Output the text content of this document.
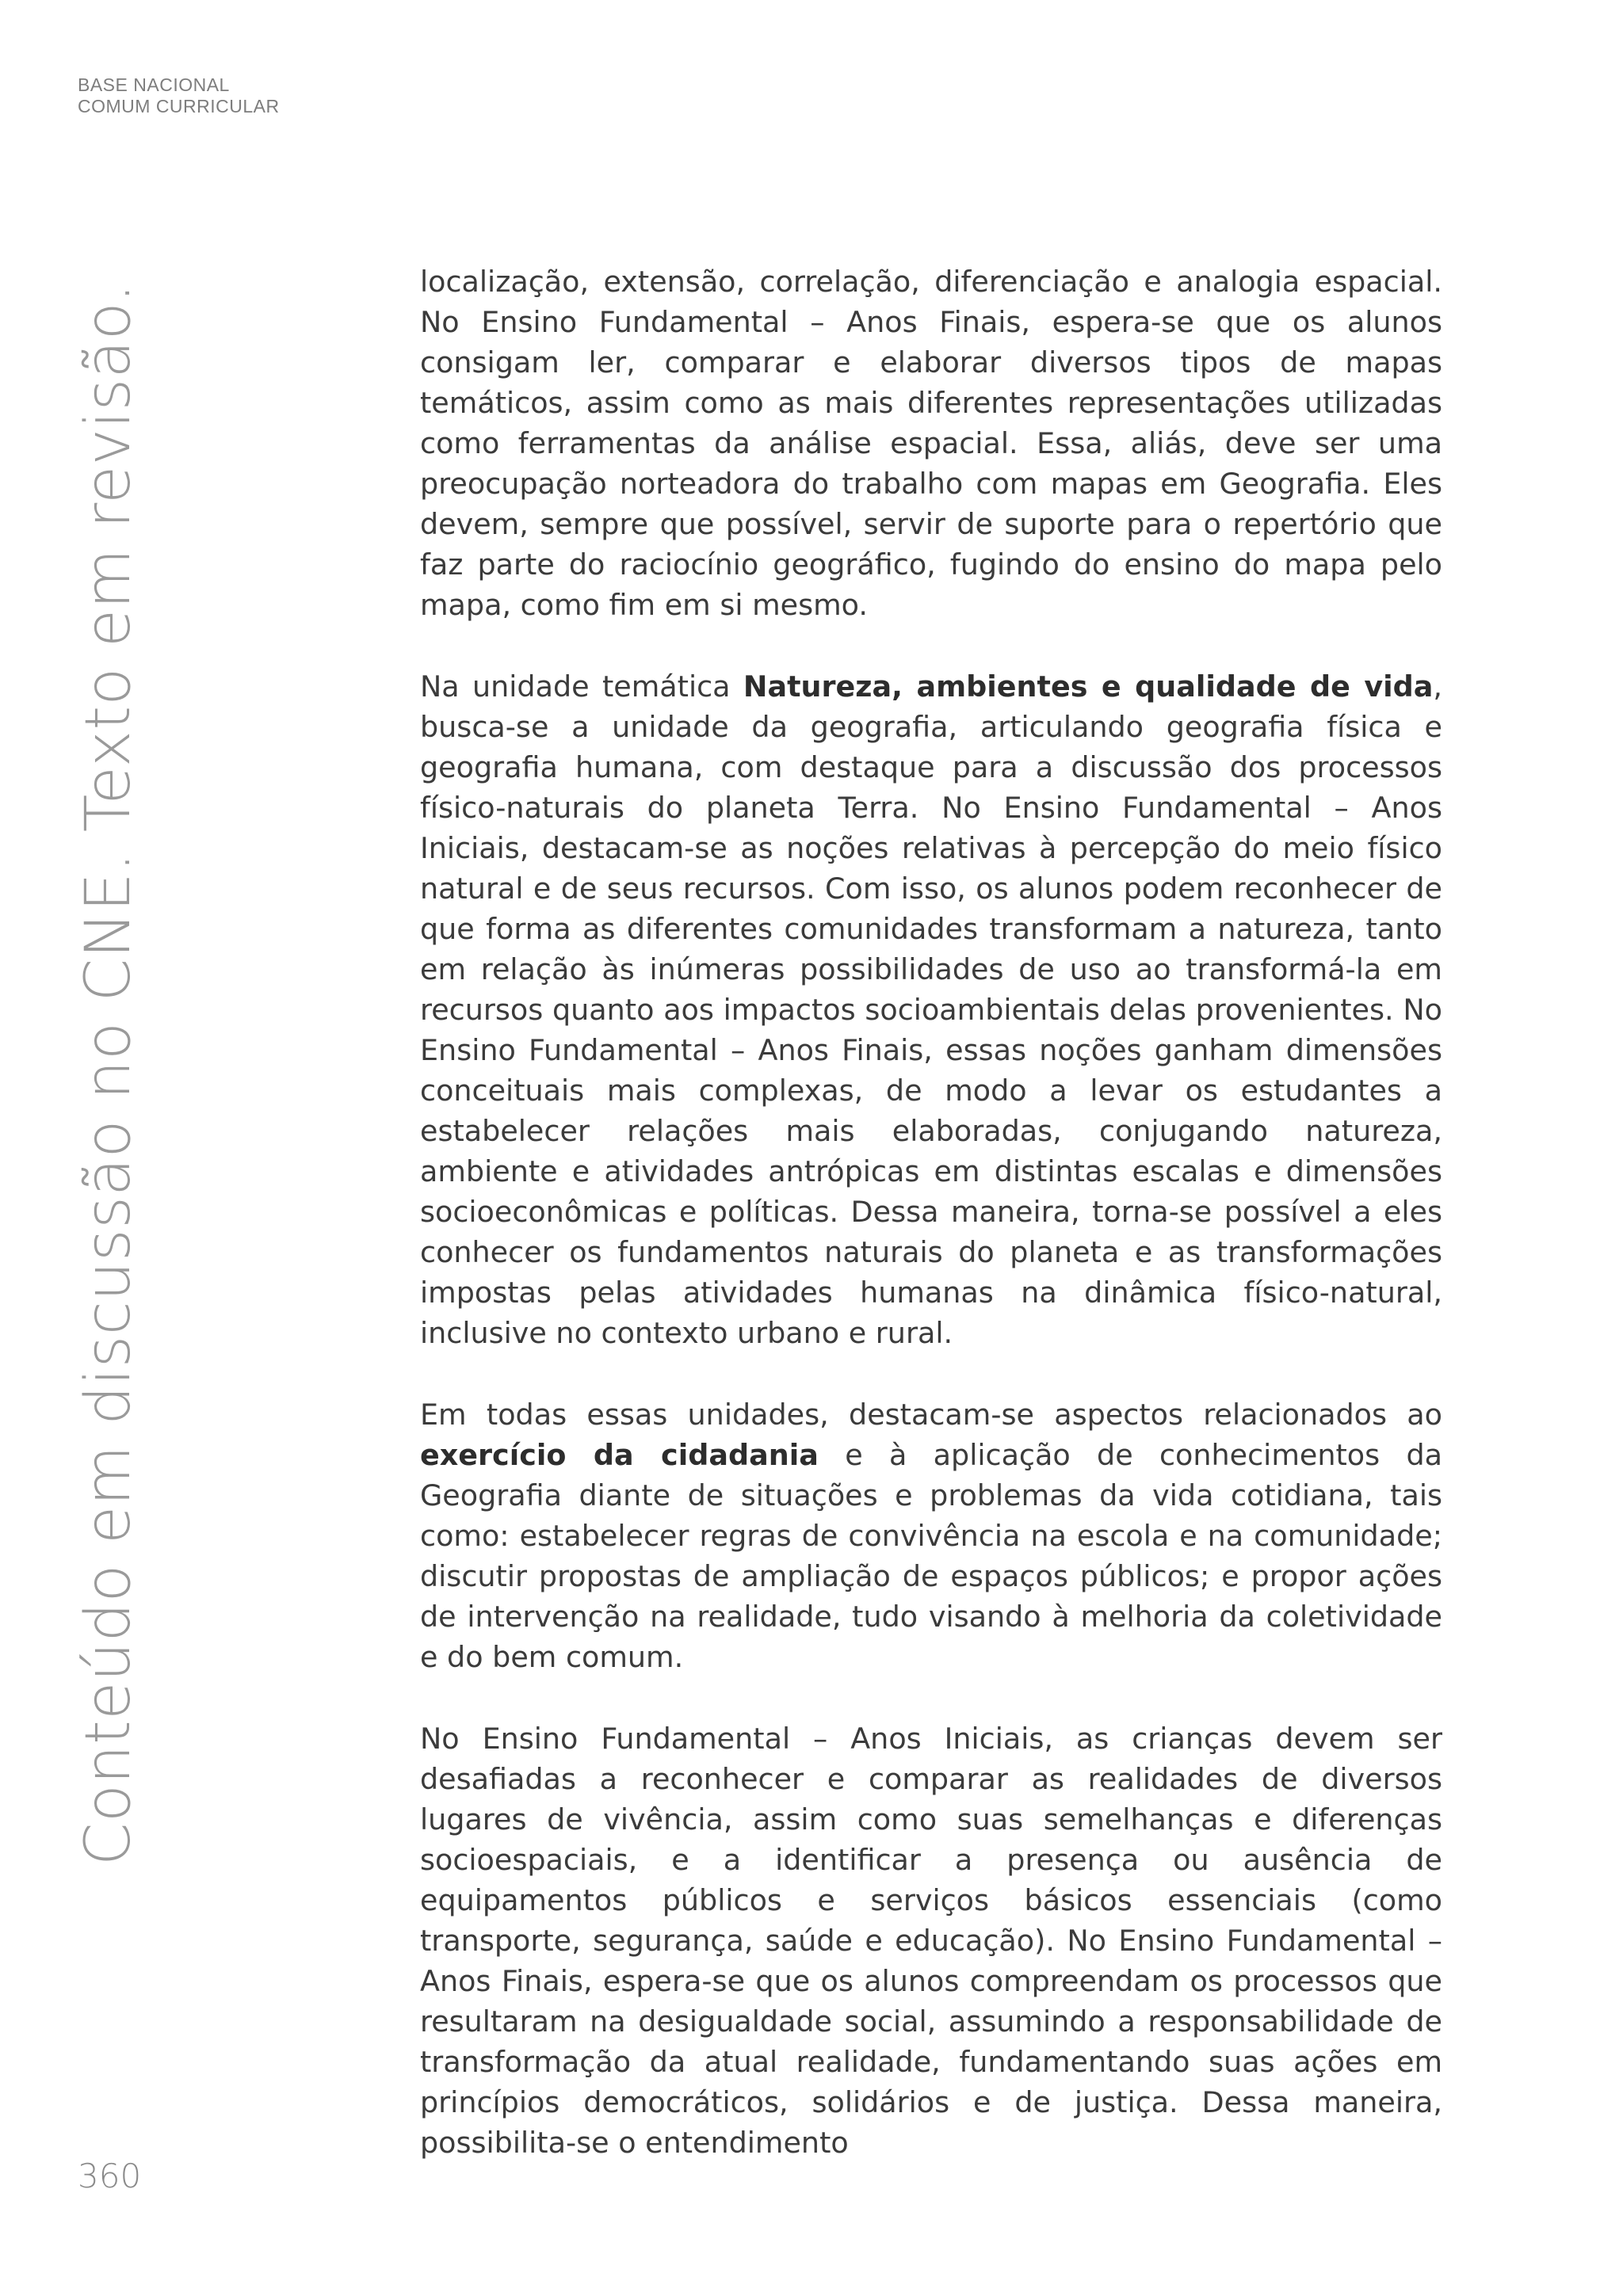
BASE NACIONAL
COMUM CURRICULAR
Conteúdo em discussão no CNE. Texto em revisão.

localização, extensão, correlação, diferenciação e analogia espacial. No Ensino Fundamental – Anos Finais, espera-se que os alunos consigam ler, comparar e elaborar diversos tipos de mapas temáticos, assim como as mais diferentes representações utilizadas como ferramentas da análise espacial. Essa, aliás, deve ser uma preocupação norteadora do trabalho com mapas em Geografia. Eles devem, sempre que possível, servir de suporte para o repertório que faz parte do raciocínio geográfico, fugindo do ensino do mapa pelo mapa, como fim em si mesmo.

Na unidade temática Natureza, ambientes e qualidade de vida, busca-se a unidade da geografia, articulando geografia física e geografia humana, com destaque para a discussão dos processos físico-naturais do planeta Terra. No Ensino Fundamental – Anos Iniciais, destacam-se as noções relativas à percepção do meio físico natural e de seus recursos. Com isso, os alunos podem reconhecer de que forma as diferentes comunidades transformam a natureza, tanto em relação às inúmeras possibilidades de uso ao transformá-la em recursos quanto aos impactos socioambientais delas provenientes. No Ensino Fundamental – Anos Finais, essas noções ganham dimensões conceituais mais complexas, de modo a levar os estudantes a estabelecer relações mais elaboradas, conjugando natureza, ambiente e atividades antrópicas em distintas escalas e dimensões socioeconômicas e políticas. Dessa maneira, torna-se possível a eles conhecer os fundamentos naturais do planeta e as transformações impostas pelas atividades humanas na dinâmica físico-natural, inclusive no contexto urbano e rural.

Em todas essas unidades, destacam-se aspectos relacionados ao exercício da cidadania e à aplicação de conhecimentos da Geografia diante de situações e problemas da vida cotidiana, tais como: estabelecer regras de convivência na escola e na comunidade; discutir propostas de ampliação de espaços públicos; e propor ações de intervenção na realidade, tudo visando à melhoria da coletividade e do bem comum.

No Ensino Fundamental – Anos Iniciais, as crianças devem ser desafiadas a reconhecer e comparar as realidades de diversos lugares de vivência, assim como suas semelhanças e diferenças socioespaciais, e a identificar a presença ou ausência de equipamentos públicos e serviços básicos essenciais (como transporte, segurança, saúde e educação). No Ensino Fundamental – Anos Finais, espera-se que os alunos compreendam os processos que resultaram na desigualdade social, assumindo a responsabilidade de transformação da atual realidade, fundamentando suas ações em princípios democráticos, solidários e de justiça. Dessa maneira, possibilita-se o entendimento

360
